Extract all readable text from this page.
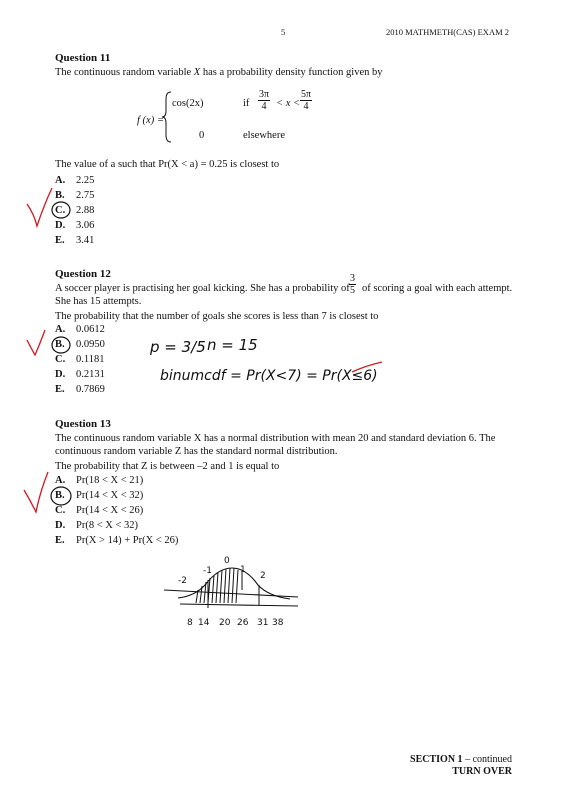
5	2010 MATHMETH(CAS) EXAM 2
Question 11
The continuous random variable X has a probability density function given by
f (x) =
cos(2x)	if $\frac{3\pi}{4} < x < \frac{5\pi}{4}$
0	elsewhere
The value of a such that Pr(X < a) = 0.25 is closest to
A. 2.25
B. 2.75
C. 2.88
D. 3.06
E. 3.41
Question 12
A soccer player is practising her goal kicking. She has a probability of $\frac{3}{5}$ of scoring a goal with each attempt.
She has 15 attempts.
The probability that the number of goals she scores is less than 7 is closest to
A. 0.0612
B. 0.0950
C. 0.1181
D. 0.2131
E. 0.7869
Question 13
The continuous random variable X has a normal distribution with mean 20 and standard deviation 6. The
continuous random variable Z has the standard normal distribution.
The probability that Z is between –2 and 1 is equal to
A. Pr(18 < X < 21)
B. Pr(14 < X < 32)
C. Pr(14 < X < 26)
D. Pr(8 < X < 32)
E. Pr(X > 14) + Pr(X < 26)
p = 3/5 n = 15
binumcdf = Pr(X<7) = Pr(X≤6)
-2
-1
0
1
2
8 14 20 26 31 38
SECTION 1 – continued
TURN OVER
